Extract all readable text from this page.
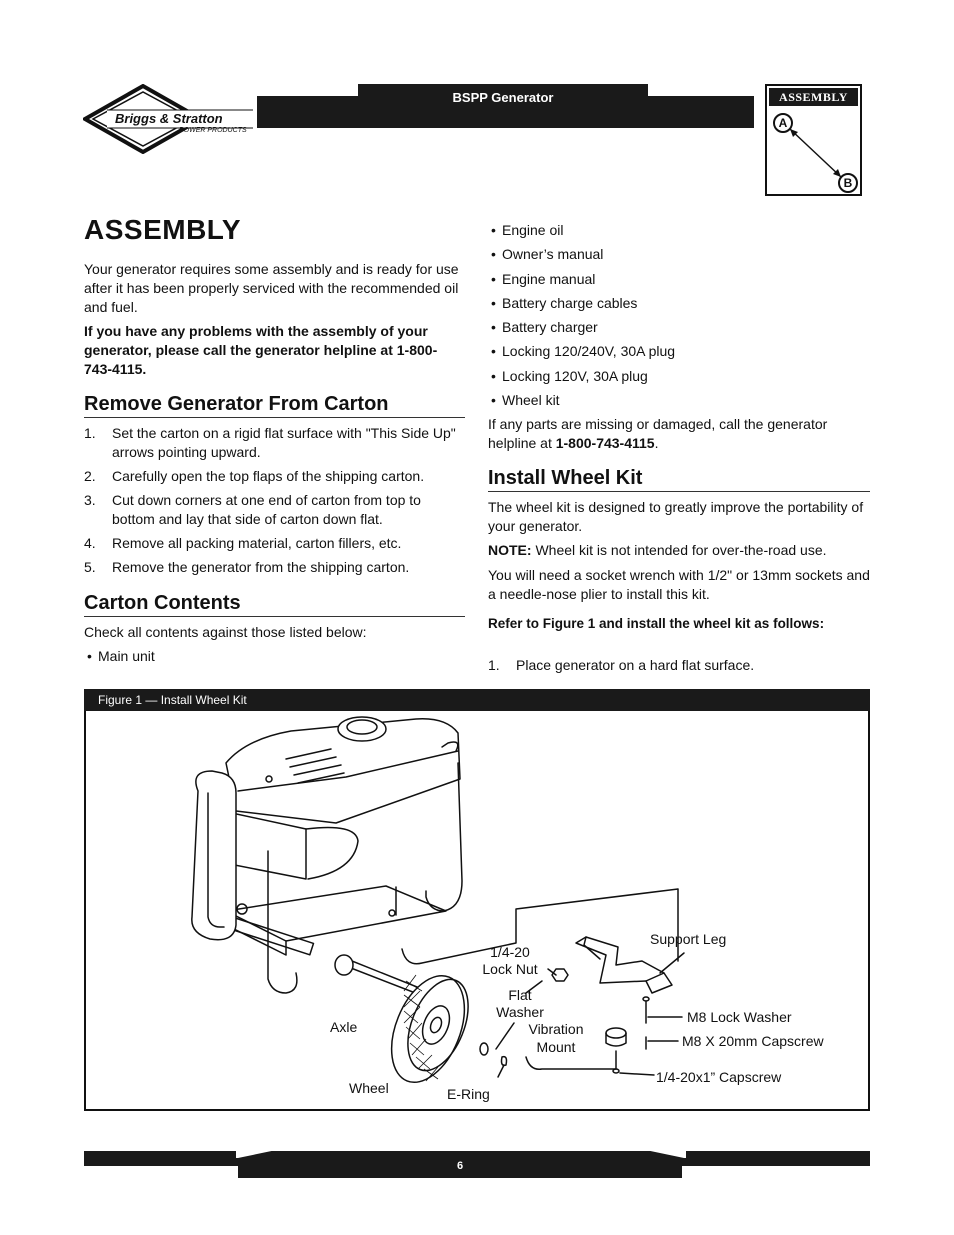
BSPP Generator
Briggs & Stratton
POWER PRODUCTS
ASSEMBLY
A
B
ASSEMBLY

Your generator requires some assembly and is ready for use after it has been properly serviced with the recommended oil and fuel.

If you have any problems with the assembly of your generator, please call the generator helpline at 1-800-743-4115.

Remove Generator From Carton
1. Set the carton on a rigid flat surface with "This Side Up" arrows pointing upward.
2. Carefully open the top flaps of the shipping carton.
3. Cut down corners at one end of carton from top to bottom and lay that side of carton down flat.
4. Remove all packing material, carton fillers, etc.
5. Remove the generator from the shipping carton.
Carton Contents

Check all contents against those listed below:

• Main unit
• Engine oil
• Owner’s manual
• Engine manual
• Battery charge cables
• Battery charger
• Locking 120/240V, 30A plug
• Locking 120V, 30A plug
• Wheel kit

If any parts are missing or damaged, call the generator helpline at 1-800-743-4115.

Install Wheel Kit

The wheel kit is designed to greatly improve the portability of your generator.

NOTE: Wheel kit is not intended for over-the-road use.

You will need a socket wrench with 1/2" or 13mm sockets and a needle-nose plier to install this kit.

Refer to Figure 1 and install the wheel kit as follows:

1. Place generator on a hard flat surface.
Figure 1 — Install Wheel Kit
Support Leg
1/4-20
Lock Nut
Flat
Washer
Vibration
Mount
M8 Lock Washer
M8 X 20mm Capscrew
1/4-20x1” Capscrew
Axle
Wheel	E-Ring
6
